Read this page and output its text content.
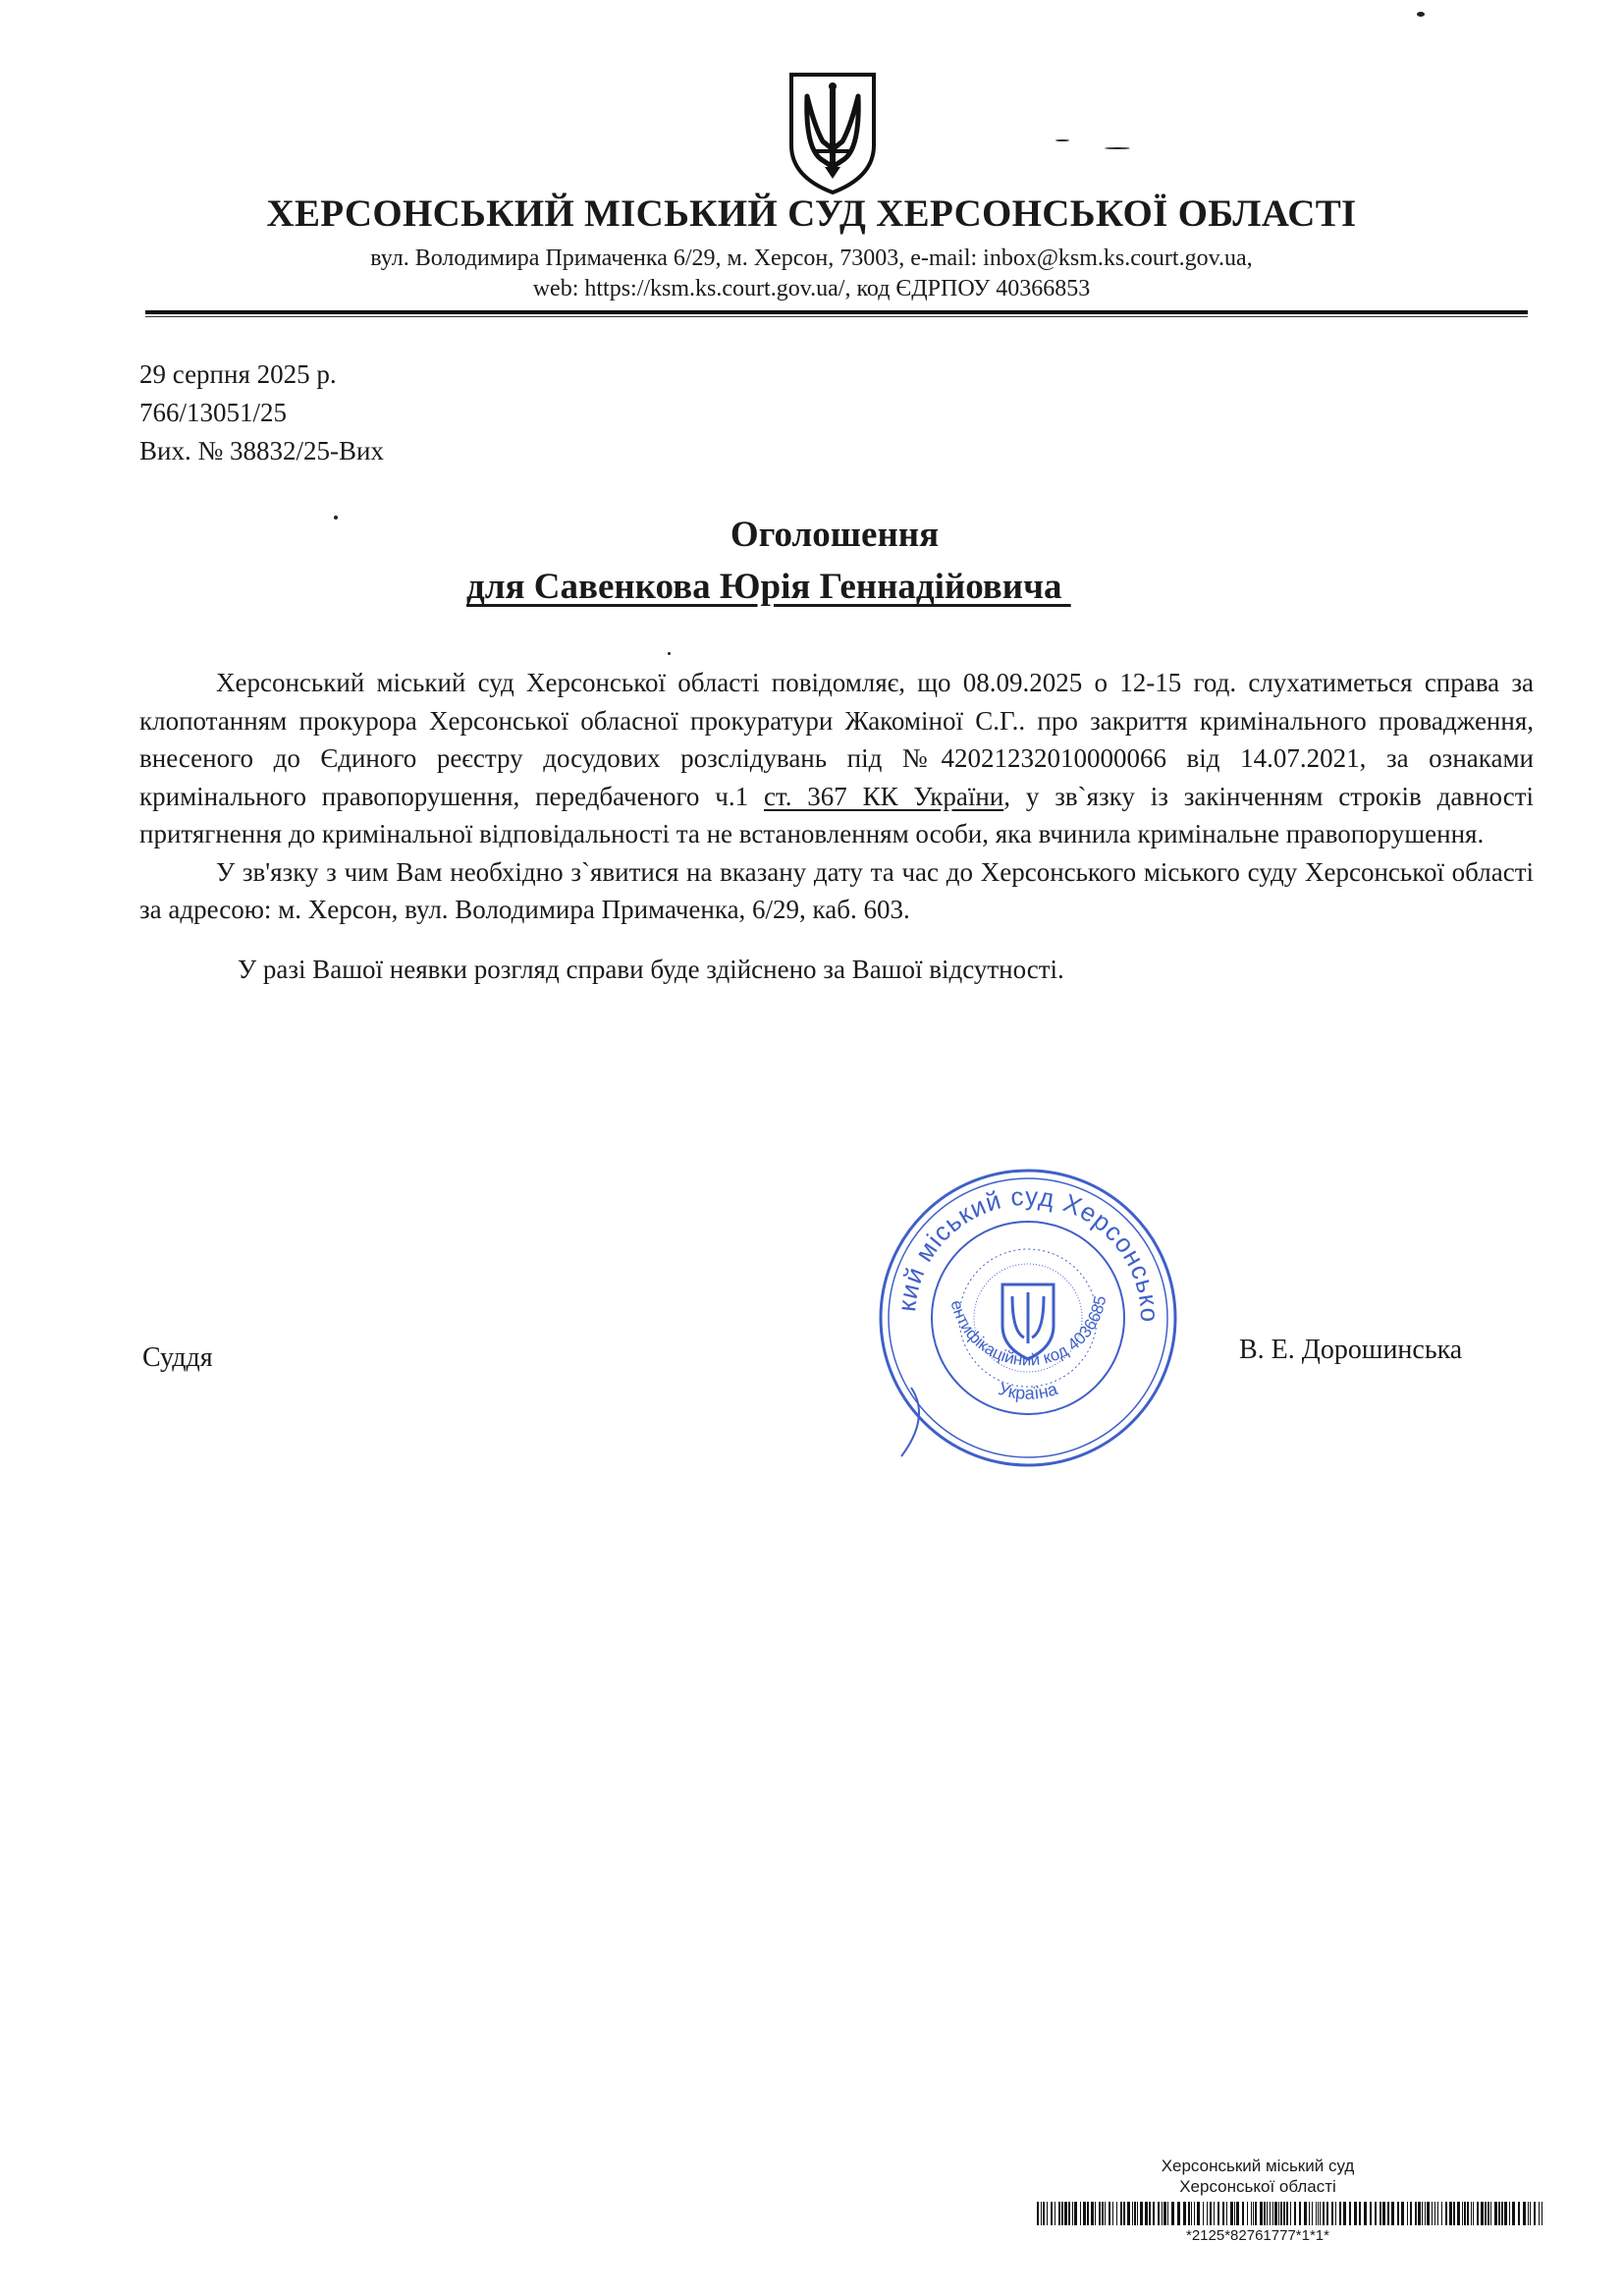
ХЕРСОНСЬКИЙ МІСЬКИЙ СУД ХЕРСОНСЬКОЇ ОБЛАСТІ
вул. Володимира Примаченка 6/29, м. Херсон, 73003, e-mail: inbox@ksm.ks.court.gov.ua,
web: https://ksm.ks.court.gov.ua/, код ЄДРПОУ 40366853
29 серпня 2025 р.
766/13051/25
Вих. № 38832/25-Вих
Оголошення
для Савенкова Юрія Геннадійовича

Херсонський міський суд Херсонської області повідомляє, що 08.09.2025 о 12-15 год. слухатиметься справа за клопотанням прокурора Херсонської обласної прокуратури Жакоміної С.Г.. про закриття кримінального провадження, внесеного до Єдиного реєстру досудових розслідувань під №42021232010000066 від 14.07.2021, за ознаками кримінального правопорушення, передбаченого ч.1 ст. 367 КК України, у зв`язку із закінченням строків давності притягнення до кримінальної відповідальності та не встановленням особи, яка вчинила кримінальне правопорушення.

У зв'язку з чим Вам необхідно з`явитися на вказану дату та час до Херсонського міського суду Херсонської області за адресою: м. Херсон, вул. Володимира Примаченка, 6/29, каб. 603.

У разі Вашої неявки розгляд справи буде здійснено за Вашої відсутності.

кий міський суд Херсонсько
ентифікаційний код 4036685
Україна
Суддя	В. Е. Дорошинська
Херсонський міський суд
Херсонської області
*2125*82761777*1*1*
